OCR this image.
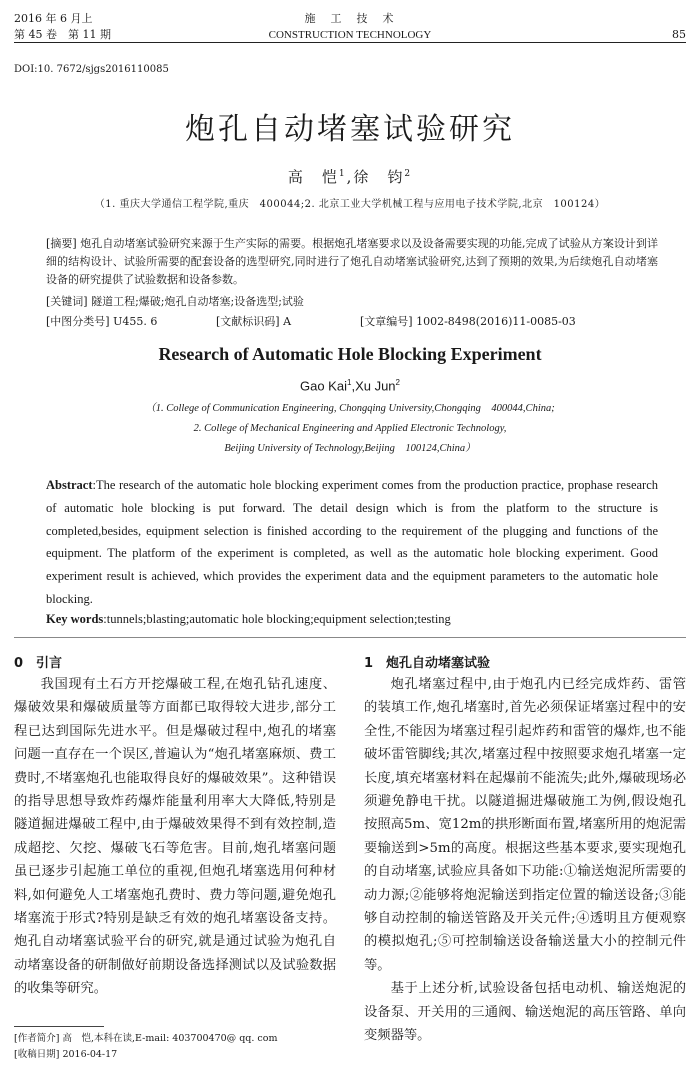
2016 年 6 月上
第 45 卷　第 11 期
施　工　技　术
CONSTRUCTION TECHNOLOGY	85
DOI:10. 7672/sjgs2016110085
炮孔自动堵塞试验研究
高　恺$^1$,徐　钧$^2$
（1. 重庆大学通信工程学院,重庆　400044;2. 北京工业大学机械工程与应用电子技术学院,北京　100124）
[摘要] 炮孔自动堵塞试验研究来源于生产实际的需要。根据炮孔堵塞要求以及设备需要实现的功能,完成了试验从方案设计到详细的结构设计、试验所需要的配套设备的选型研究,同时进行了炮孔自动堵塞试验研究,达到了预期的效果,为后续炮孔自动堵塞设备的研究提供了试验数据和设备参数。
[关键词] 隧道工程;爆破;炮孔自动堵塞;设备选型;试验
[中图分类号] U455. 6	[文献标识码] A	[文章编号] 1002-8498(2016)11-0085-03
Research of Automatic Hole Blocking Experiment
Gao Kai$^1$,Xu Jun$^2$
（1. College of Communication Engineering, Chongqing University,Chongqing　400044,China;
2. College of Mechanical Engineering and Applied Electronic Technology,
Beijing University of Technology,Beijing　100124,China）
Abstract:The research of the automatic hole blocking experiment comes from the production practice, prophase research of automatic hole blocking is put forward. The detail design which is from the platform to the structure is completed,besides, equipment selection is finished according to the requirement of the plugging and functions of the equipment. The platform of the experiment is completed, as well as the automatic hole blocking experiment. Good experiment result is achieved, which provides the experiment data and the equipment parameters to the automatic hole blocking.
Key words:tunnels;blasting;automatic hole blocking;equipment selection;testing
0　引言

我国现有土石方开挖爆破工程,在炮孔钻孔速度、爆破效果和爆破质量等方面都已取得较大进步,部分工程已达到国际先进水平。但是爆破过程中,炮孔的堵塞问题一直存在一个误区,普遍认为“炮孔堵塞麻烦、费工费时,不堵塞炮孔也能取得良好的爆破效果”。这种错误的指导思想导致炸药爆炸能量利用率大大降低,特别是隧道掘进爆破工程中,由于爆破效果得不到有效控制,造成超挖、欠挖、爆破飞石等危害。目前,炮孔堵塞问题虽已逐步引起施工单位的重视,但炮孔堵塞选用何种材料,如何避免人工堵塞炮孔费时、费力等问题,避免炮孔堵塞流于形式?特别是缺乏有效的炮孔堵塞设备支持。炮孔自动堵塞试验平台的研究,就是通过试验为炮孔自动堵塞设备的研制做好前期设备选择测试以及试验数据的收集等研究。

[作者简介] 高　恺,本科在读,E-mail: 403700470@ qq. com
1　炮孔自动堵塞试验

炮孔堵塞过程中,由于炮孔内已经完成炸药、雷管的装填工作,炮孔堵塞时,首先必须保证堵塞过程中的安全性,不能因为堵塞过程引起炸药和雷管的爆炸,也不能破坏雷管脚线;其次,堵塞过程中按照要求炮孔堵塞一定长度,填充堵塞材料在起爆前不能流失;此外,爆破现场必须避免静电干扰。以隧道掘进爆破施工为例,假设炮孔按照高5m、宽12m的拱形断面布置,堵塞所用的炮泥需要输送到>5m的高度。根据这些基本要求,要实现炮孔的自动堵塞,试验应具备如下功能:①输送炮泥所需要的动力源;②能够将炮泥输送到指定位置的输送设备;③能够自动控制的输送管路及开关元件;④透明且方便观察的模拟炮孔;⑤可控制输送设备输送量大小的控制元件等。

基于上述分析,试验设备包括电动机、输送炮泥的设备泵、开关用的三通阀、输送炮泥的高压管路、单向变频器等。

[收稿日期] 2016-04-17
